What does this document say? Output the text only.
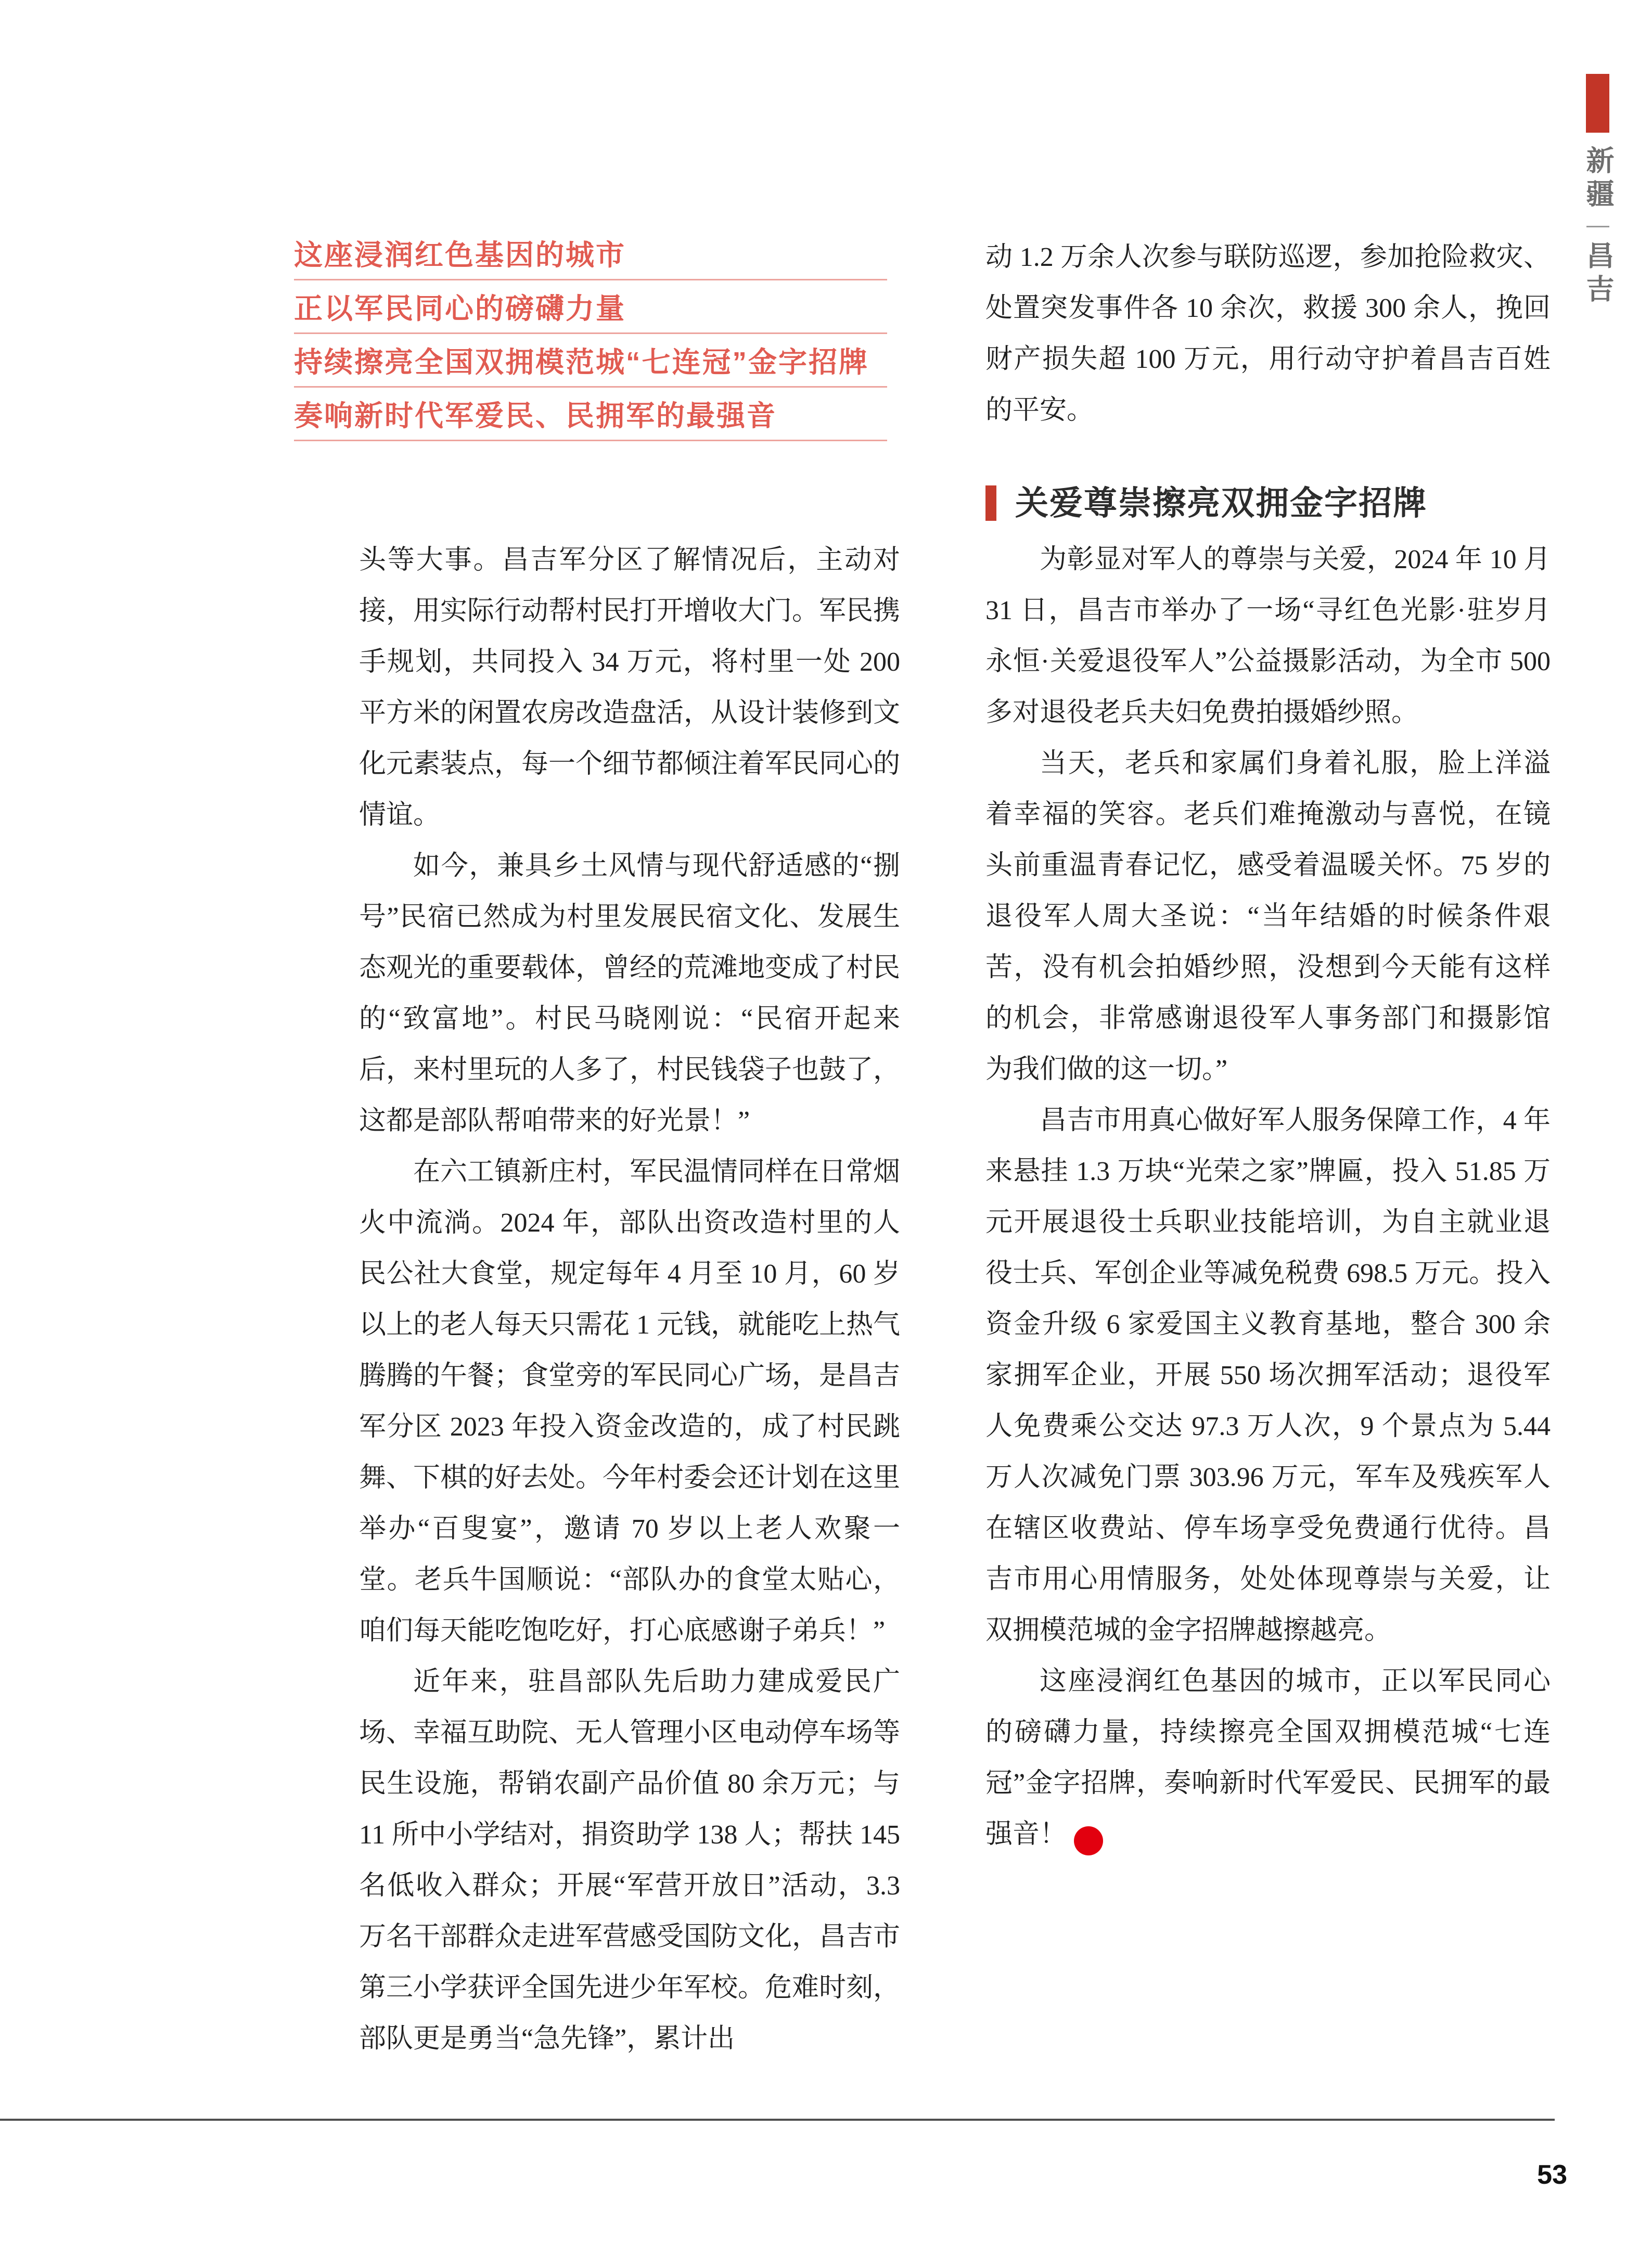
新疆
昌吉
这座浸润红色基因的城市
正以军民同心的磅礴力量
持续擦亮全国双拥模范城“七连冠”金字招牌
奏响新时代军爱民、民拥军的最强音

头等大事。昌吉军分区了解情况后，主动对接，用实际行动帮村民打开增收大门。军民携手规划，共同投入 34 万元，将村里一处 200 平方米的闲置农房改造盘活，从设计装修到文化元素装点，每一个细节都倾注着军民同心的情谊。

如今，兼具乡土风情与现代舒适感的“捌号”民宿已然成为村里发展民宿文化、发展生态观光的重要载体，曾经的荒滩地变成了村民的“致富地”。村民马晓刚说：“民宿开起来后，来村里玩的人多了，村民钱袋子也鼓了，这都是部队帮咱带来的好光景！”

在六工镇新庄村，军民温情同样在日常烟火中流淌。2024 年，部队出资改造村里的人民公社大食堂，规定每年 4 月至 10 月，60 岁以上的老人每天只需花 1 元钱，就能吃上热气腾腾的午餐；食堂旁的军民同心广场，是昌吉军分区 2023 年投入资金改造的，成了村民跳舞、下棋的好去处。今年村委会还计划在这里举办“百叟宴”，邀请 70 岁以上老人欢聚一堂。老兵牛国顺说：“部队办的食堂太贴心，咱们每天能吃饱吃好，打心底感谢子弟兵！”

近年来，驻昌部队先后助力建成爱民广场、幸福互助院、无人管理小区电动停车场等民生设施，帮销农副产品价值 80 余万元；与 11 所中小学结对，捐资助学 138 人；帮扶 145 名低收入群众；开展“军营开放日”活动，3.3 万名干部群众走进军营感受国防文化，昌吉市第三小学获评全国先进少年军校。危难时刻，部队更是勇当“急先锋”，累计出

动 1.2 万余人次参与联防巡逻，参加抢险救灾、处置突发事件各 10 余次，救援 300 余人，挽回财产损失超 100 万元，用行动守护着昌吉百姓的平安。

关爱尊崇擦亮双拥金字招牌

为彰显对军人的尊崇与关爱，2024 年 10 月 31 日，昌吉市举办了一场“寻红色光影·驻岁月永恒·关爱退役军人”公益摄影活动，为全市 500 多对退役老兵夫妇免费拍摄婚纱照。

当天，老兵和家属们身着礼服，脸上洋溢着幸福的笑容。老兵们难掩激动与喜悦，在镜头前重温青春记忆，感受着温暖关怀。75 岁的退役军人周大圣说：“当年结婚的时候条件艰苦，没有机会拍婚纱照，没想到今天能有这样的机会，非常感谢退役军人事务部门和摄影馆为我们做的这一切。”

昌吉市用真心做好军人服务保障工作，4 年来悬挂 1.3 万块“光荣之家”牌匾，投入 51.85 万元开展退役士兵职业技能培训，为自主就业退役士兵、军创企业等减免税费 698.5 万元。投入资金升级 6 家爱国主义教育基地，整合 300 余家拥军企业，开展 550 场次拥军活动；退役军人免费乘公交达 97.3 万人次，9 个景点为 5.44 万人次减免门票 303.96 万元，军车及残疾军人在辖区收费站、停车场享受免费通行优待。昌吉市用心用情服务，处处体现尊崇与关爱，让双拥模范城的金字招牌越擦越亮。

这座浸润红色基因的城市，正以军民同心的磅礴力量，持续擦亮全国双拥模范城“七连冠”金字招牌，奏响新时代军爱民、民拥军的最强音！ N

53
